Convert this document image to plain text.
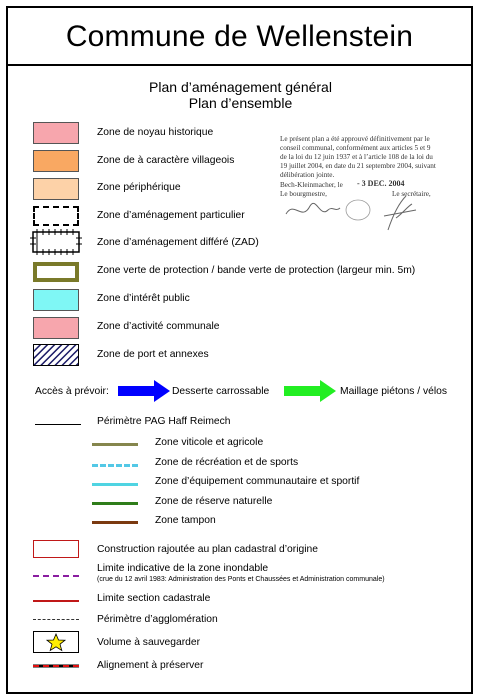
Commune de Wellenstein
Plan d’aménagement général
Plan d’ensemble
Zone de noyau historique
Zone de à caractère villageois
Zone périphérique
Zone d’aménagement particulier
Zone d’aménagement différé (ZAD)
Zone verte de protection / bande verte de protection (largeur min. 5m)
Zone d’intérêt public
Zone d’activité communale
Zone de port et annexes
Le présent plan a été approuvé définitivement par le
conseil communal, conformément aux articles 5 et 9
de la loi du 12 juin 1937 et à l’article 108 de la loi du
19 juillet 2004, en date du 21 septembre 2004, suivant
délibération jointe.
Bech-Kleinmacher, le - 3 DEC. 2004
Le bourgmestre,	Le secrétaire,
Accès à prévoir:	Desserte carrossable	Maillage piétons / vélos
Périmètre PAG Haff Reimech
Zone viticole et agricole
Zone de récréation et de sports
Zone d’équipement communautaire et sportif
Zone de réserve naturelle
Zone tampon
Construction rajoutée au plan cadastral d’origine
Limite indicative de la zone inondable
(crue du 12 avril 1983: Administration des Ponts et Chaussées et Administration communale)
Limite section cadastrale
Périmètre d’agglomération
Volume à sauvegarder
Alignement à préserver
